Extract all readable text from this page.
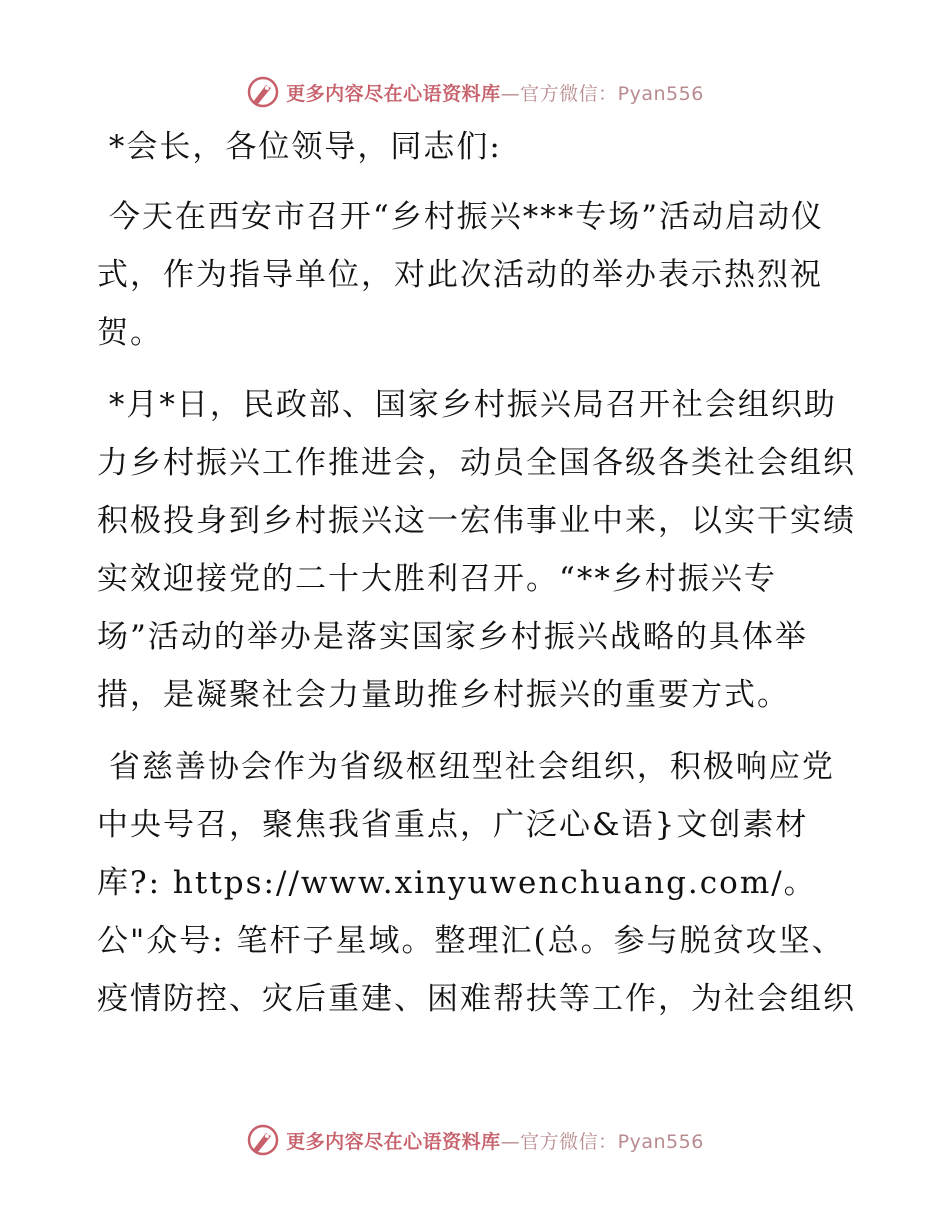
更多内容尽在心语资料库—官方微信：Pyan556

*会长，各位领导，同志们:

今天在西安市召开“乡村振兴***专场”活动启动仪式，作为指导单位，对此次活动的举办表示热烈祝贺。

*月*日，民政部、国家乡村振兴局召开社会组织助力乡村振兴工作推进会，动员全国各级各类社会组织积极投身到乡村振兴这一宏伟事业中来，以实干实绩实效迎接党的二十大胜利召开。“**乡村振兴专场”活动的举办是落实国家乡村振兴战略的具体举措，是凝聚社会力量助推乡村振兴的重要方式。

省慈善协会作为省级枢纽型社会组织，积极响应党中央号召，聚焦我省重点，广泛心&语}文创素材库?: https://www.xinyuwenchuang.com/。公"众号: 笔杆子星域。整理汇(总。参与脱贫攻坚、疫情防控、灾后重建、困难帮扶等工作，为社会组织

更多内容尽在心语资料库—官方微信：Pyan556
